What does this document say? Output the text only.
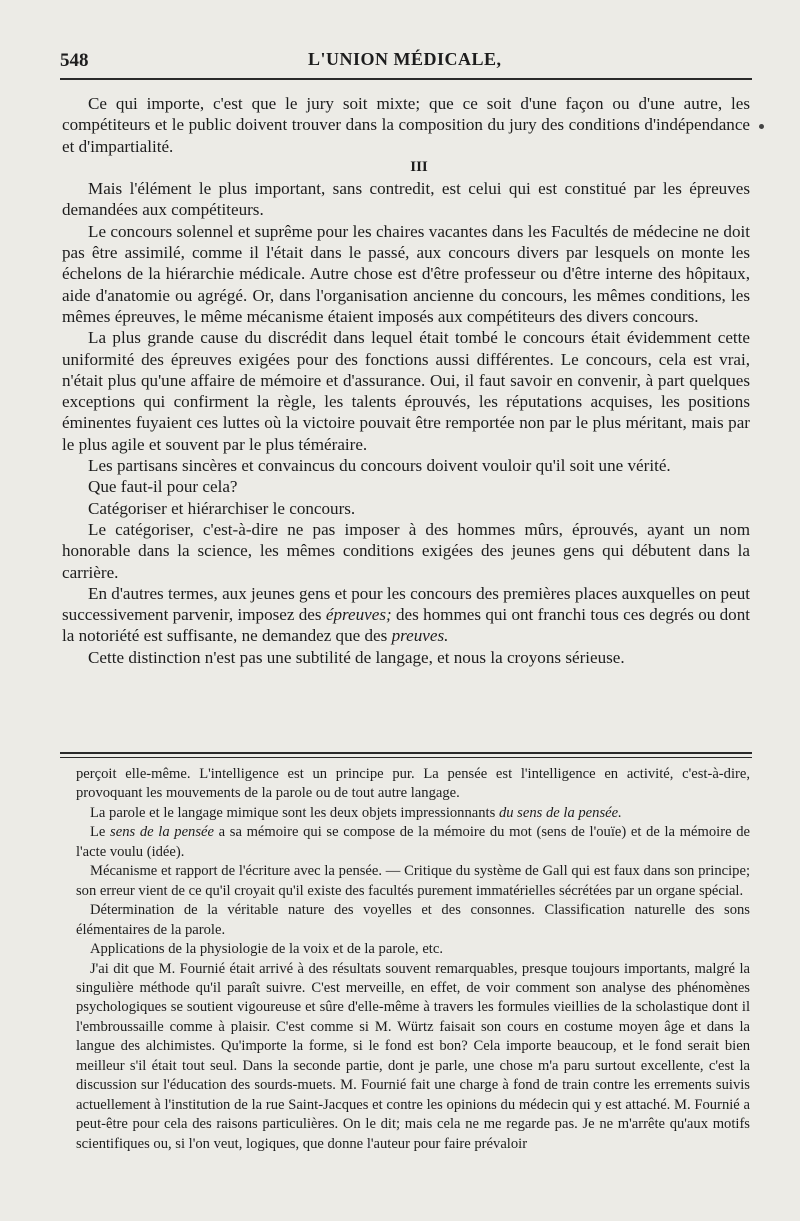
548	L'UNION MÉDICALE,

Ce qui importe, c'est que le jury soit mixte; que ce soit d'une façon ou d'une autre, les compétiteurs et le public doivent trouver dans la composition du jury des conditions d'indépendance et d'impartialité.

III

Mais l'élément le plus important, sans contredit, est celui qui est constitué par les épreuves demandées aux compétiteurs.

Le concours solennel et suprême pour les chaires vacantes dans les Facultés de médecine ne doit pas être assimilé, comme il l'était dans le passé, aux concours divers par lesquels on monte les échelons de la hiérarchie médicale. Autre chose est d'être professeur ou d'être interne des hôpitaux, aide d'anatomie ou agrégé. Or, dans l'organisation ancienne du concours, les mêmes conditions, les mêmes épreuves, le même mécanisme étaient imposés aux compétiteurs des divers concours.

La plus grande cause du discrédit dans lequel était tombé le concours était évidemment cette uniformité des épreuves exigées pour des fonctions aussi différentes. Le concours, cela est vrai, n'était plus qu'une affaire de mémoire et d'assurance. Oui, il faut savoir en convenir, à part quelques exceptions qui confirment la règle, les talents éprouvés, les réputations acquises, les positions éminentes fuyaient ces luttes où la victoire pouvait être remportée non par le plus méritant, mais par le plus agile et souvent par le plus téméraire.

Les partisans sincères et convaincus du concours doivent vouloir qu'il soit une vérité.

Que faut-il pour cela?

Catégoriser et hiérarchiser le concours.

Le catégoriser, c'est-à-dire ne pas imposer à des hommes mûrs, éprouvés, ayant un nom honorable dans la science, les mêmes conditions exigées des jeunes gens qui débutent dans la carrière.

En d'autres termes, aux jeunes gens et pour les concours des premières places auxquelles on peut successivement parvenir, imposez des épreuves; des hommes qui ont franchi tous ces degrés ou dont la notoriété est suffisante, ne demandez que des preuves.

Cette distinction n'est pas une subtilité de langage, et nous la croyons sérieuse.

perçoit elle-même. L'intelligence est un principe pur. La pensée est l'intelligence en activité, c'est-à-dire, provoquant les mouvements de la parole ou de tout autre langage.

La parole et le langage mimique sont les deux objets impressionnants du sens de la pensée.

Le sens de la pensée a sa mémoire qui se compose de la mémoire du mot (sens de l'ouïe) et de la mémoire de l'acte voulu (idée).

Mécanisme et rapport de l'écriture avec la pensée. — Critique du système de Gall qui est faux dans son principe; son erreur vient de ce qu'il croyait qu'il existe des facultés purement immatérielles sécrétées par un organe spécial.

Détermination de la véritable nature des voyelles et des consonnes. Classification naturelle des sons élémentaires de la parole.

Applications de la physiologie de la voix et de la parole, etc.

J'ai dit que M. Fournié était arrivé à des résultats souvent remarquables, presque toujours importants, malgré la singulière méthode qu'il paraît suivre. C'est merveille, en effet, de voir comment son analyse des phénomènes psychologiques se soutient vigoureuse et sûre d'elle-même à travers les formules vieillies de la scholastique dont il l'embroussaille comme à plaisir. C'est comme si M. Würtz faisait son cours en costume moyen âge et dans la langue des alchimistes. Qu'importe la forme, si le fond est bon? Cela importe beaucoup, et le fond serait bien meilleur s'il était tout seul. Dans la seconde partie, dont je parle, une chose m'a paru surtout excellente, c'est la discussion sur l'éducation des sourds-muets. M. Fournié fait une charge à fond de train contre les errements suivis actuellement à l'institution de la rue Saint-Jacques et contre les opinions du médecin qui y est attaché. M. Fournié a peut-être pour cela des raisons particulières. On le dit; mais cela ne me regarde pas. Je ne m'arrête qu'aux motifs scientifiques ou, si l'on veut, logiques, que donne l'auteur pour faire prévaloir
